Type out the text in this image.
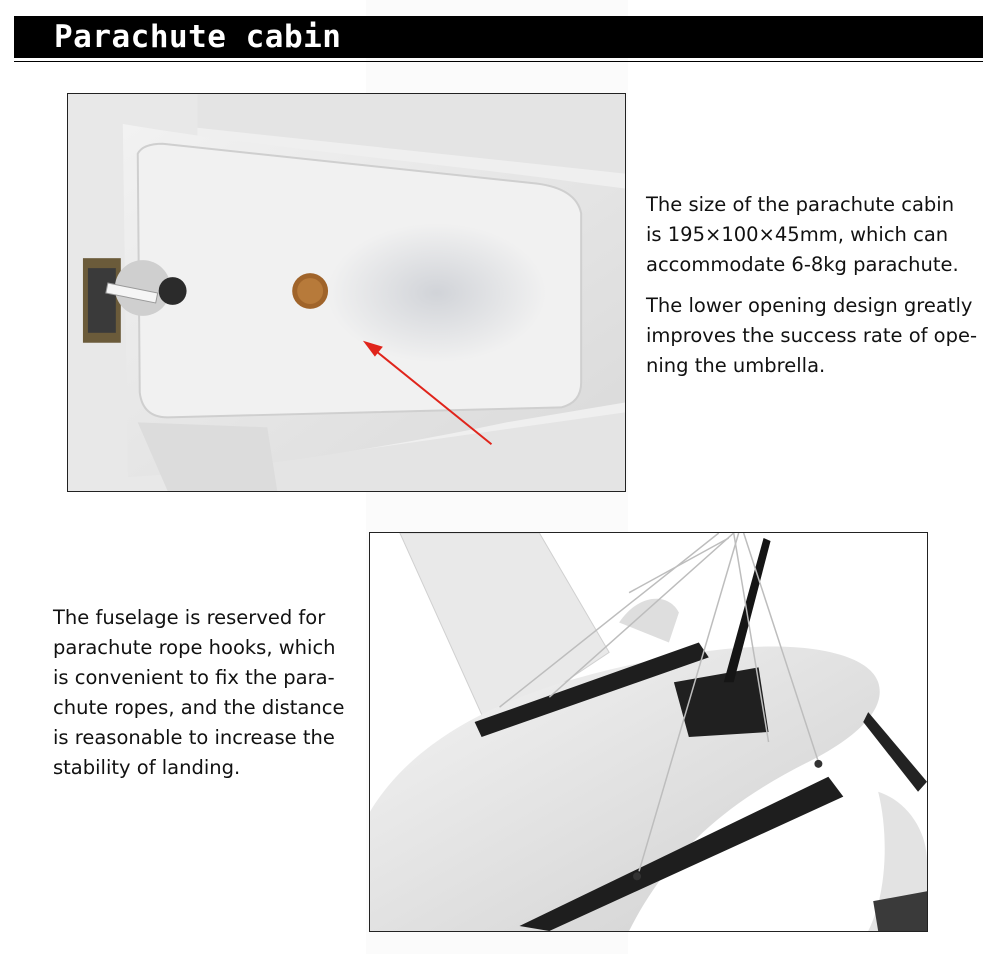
Parachute cabin

The size of the parachute cabin
is 195×100×45mm, which can
accommodate 6-8kg parachute.

The lower opening design greatly
improves the success rate of ope-
ning the umbrella.

The fuselage is reserved for
parachute rope hooks, which
is convenient to fix the para-
chute ropes, and the distance
is reasonable to increase the
stability of landing.
